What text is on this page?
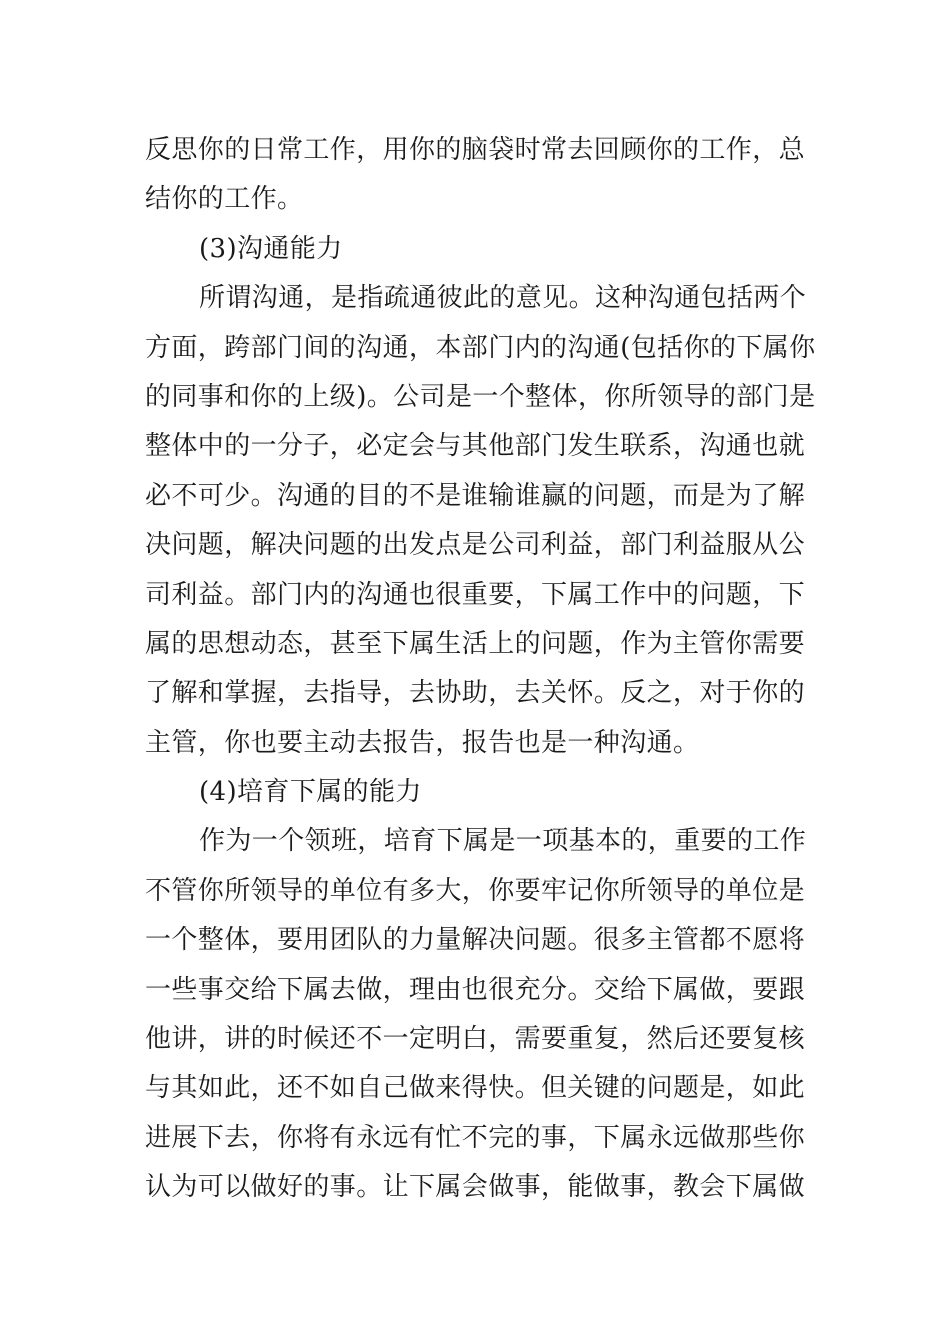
反思你的日常工作，用你的脑袋时常去回顾你的工作，总
结你的工作。
(3)沟通能力
所谓沟通，是指疏通彼此的意见。这种沟通包括两个
方面，跨部门间的沟通，本部门内的沟通(包括你的下属你
的同事和你的上级)。公司是一个整体，你所领导的部门是
整体中的一分子，必定会与其他部门发生联系，沟通也就
必不可少。沟通的目的不是谁输谁赢的问题，而是为了解
决问题，解决问题的出发点是公司利益，部门利益服从公
司利益。部门内的沟通也很重要，下属工作中的问题，下
属的思想动态，甚至下属生活上的问题，作为主管你需要
了解和掌握，去指导，去协助，去关怀。反之，对于你的
主管，你也要主动去报告，报告也是一种沟通。
(4)培育下属的能力
作为一个领班，培育下属是一项基本的，重要的工作
不管你所领导的单位有多大，你要牢记你所领导的单位是
一个整体，要用团队的力量解决问题。很多主管都不愿将
一些事交给下属去做，理由也很充分。交给下属做，要跟
他讲，讲的时候还不一定明白，需要重复，然后还要复核
与其如此，还不如自己做来得快。但关键的问题是，如此
进展下去，你将有永远有忙不完的事，下属永远做那些你
认为可以做好的事。让下属会做事，能做事，教会下属做
